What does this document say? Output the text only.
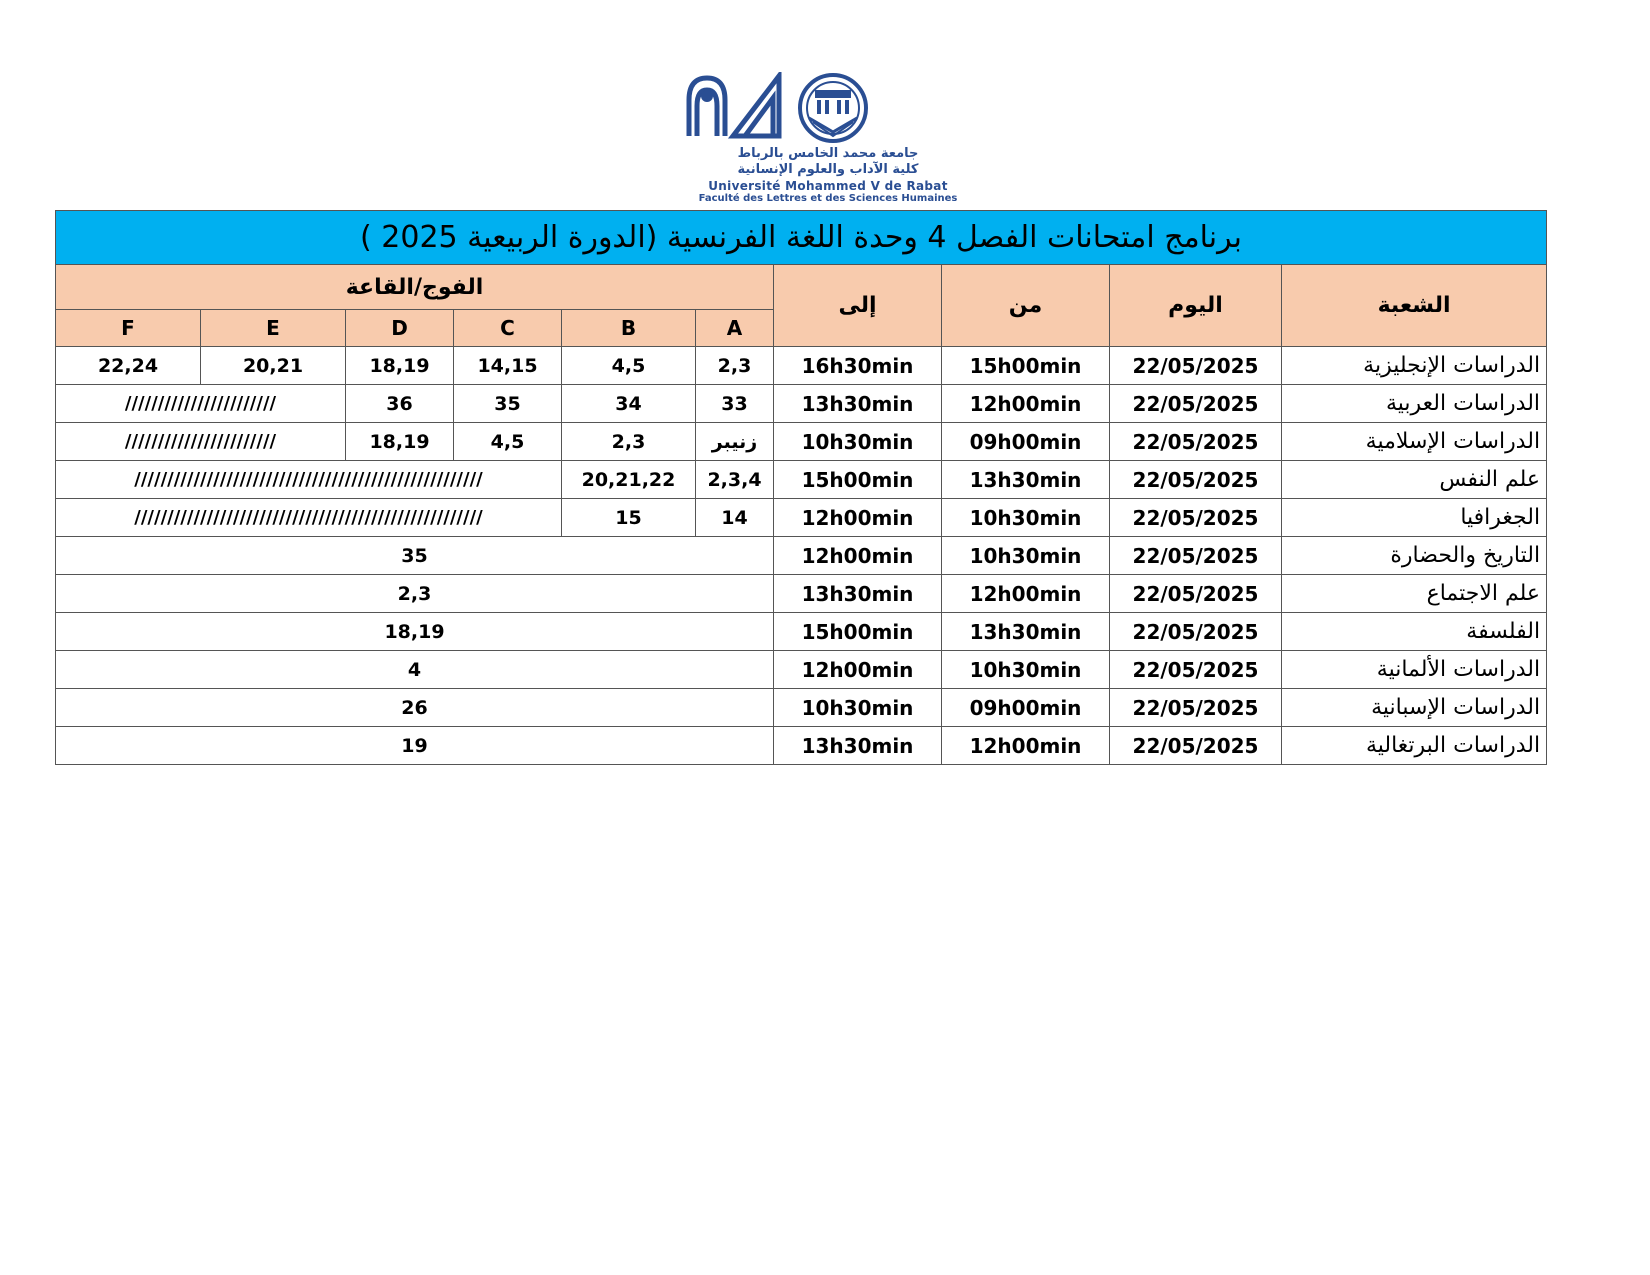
جامعة محمد الخامس بالرباط
كلية الآداب والعلوم الإنسانية
Université Mohammed V de Rabat
Faculté des Lettres et des Sciences Humaines
برنامج امتحانات الفصل 4 وحدة اللغة الفرنسية (الدورة الربيعية 2025 )									
الفوج/القاعة						إلى	من	اليوم	الشعبة
F	E	D	C	B	A				
22,24	20,21	18,19	14,15	4,5	2,3	16h30min	15h00min	22/05/2025	الدراسات الإنجليزية
///////////////////////		36	35	34	33	13h30min	12h00min	22/05/2025	الدراسات العربية
///////////////////////		18,19	4,5	2,3	زنيبر	10h30min	09h00min	22/05/2025	الدراسات الإسلامية
/////////////////////////////////////////////////////				20,21,22	2,3,4	15h00min	13h30min	22/05/2025	علم النفس
/////////////////////////////////////////////////////				15	14	12h00min	10h30min	22/05/2025	الجغرافيا
35						12h00min	10h30min	22/05/2025	التاريخ والحضارة
2,3						13h30min	12h00min	22/05/2025	علم الاجتماع
18,19						15h00min	13h30min	22/05/2025	الفلسفة
4						12h00min	10h30min	22/05/2025	الدراسات الألمانية
26						10h30min	09h00min	22/05/2025	الدراسات الإسبانية
19						13h30min	12h00min	22/05/2025	الدراسات البرتغالية
